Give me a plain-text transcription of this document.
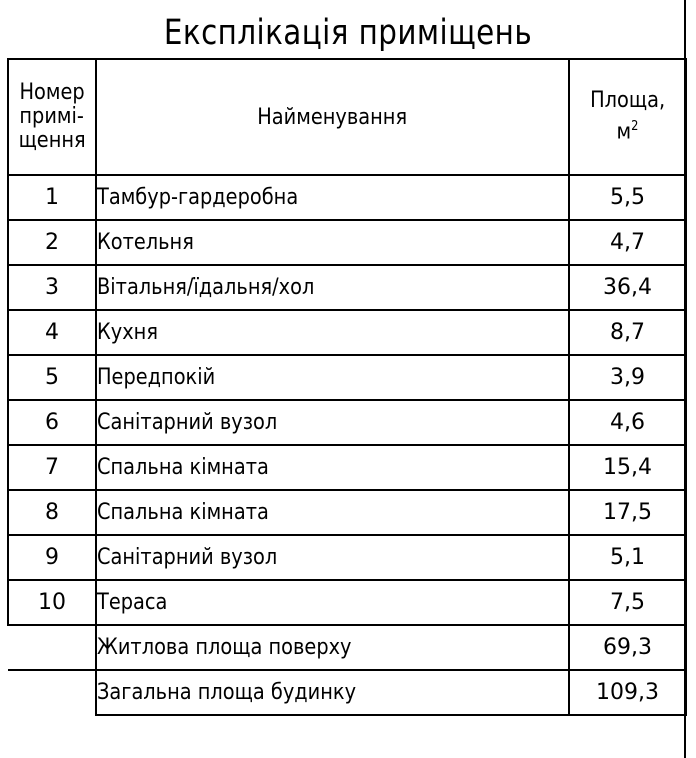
Експлікація приміщень
Номер
примі-
щення	Найменування	Площа,
$м^2$
1	Тамбур-гардеробна	5,5
2	Котельня	4,7
3	Вітальня/їдальня/хол	36,4
4	Кухня	8,7
5	Передпокій	3,9
6	Санітарний вузол	4,6
7	Спальна кімната	15,4
8	Спальна кімната	17,5
9	Санітарний вузол	5,1
10	Тераса	7,5
	Житлова площа поверху	69,3
	Загальна площа будинку	109,3
